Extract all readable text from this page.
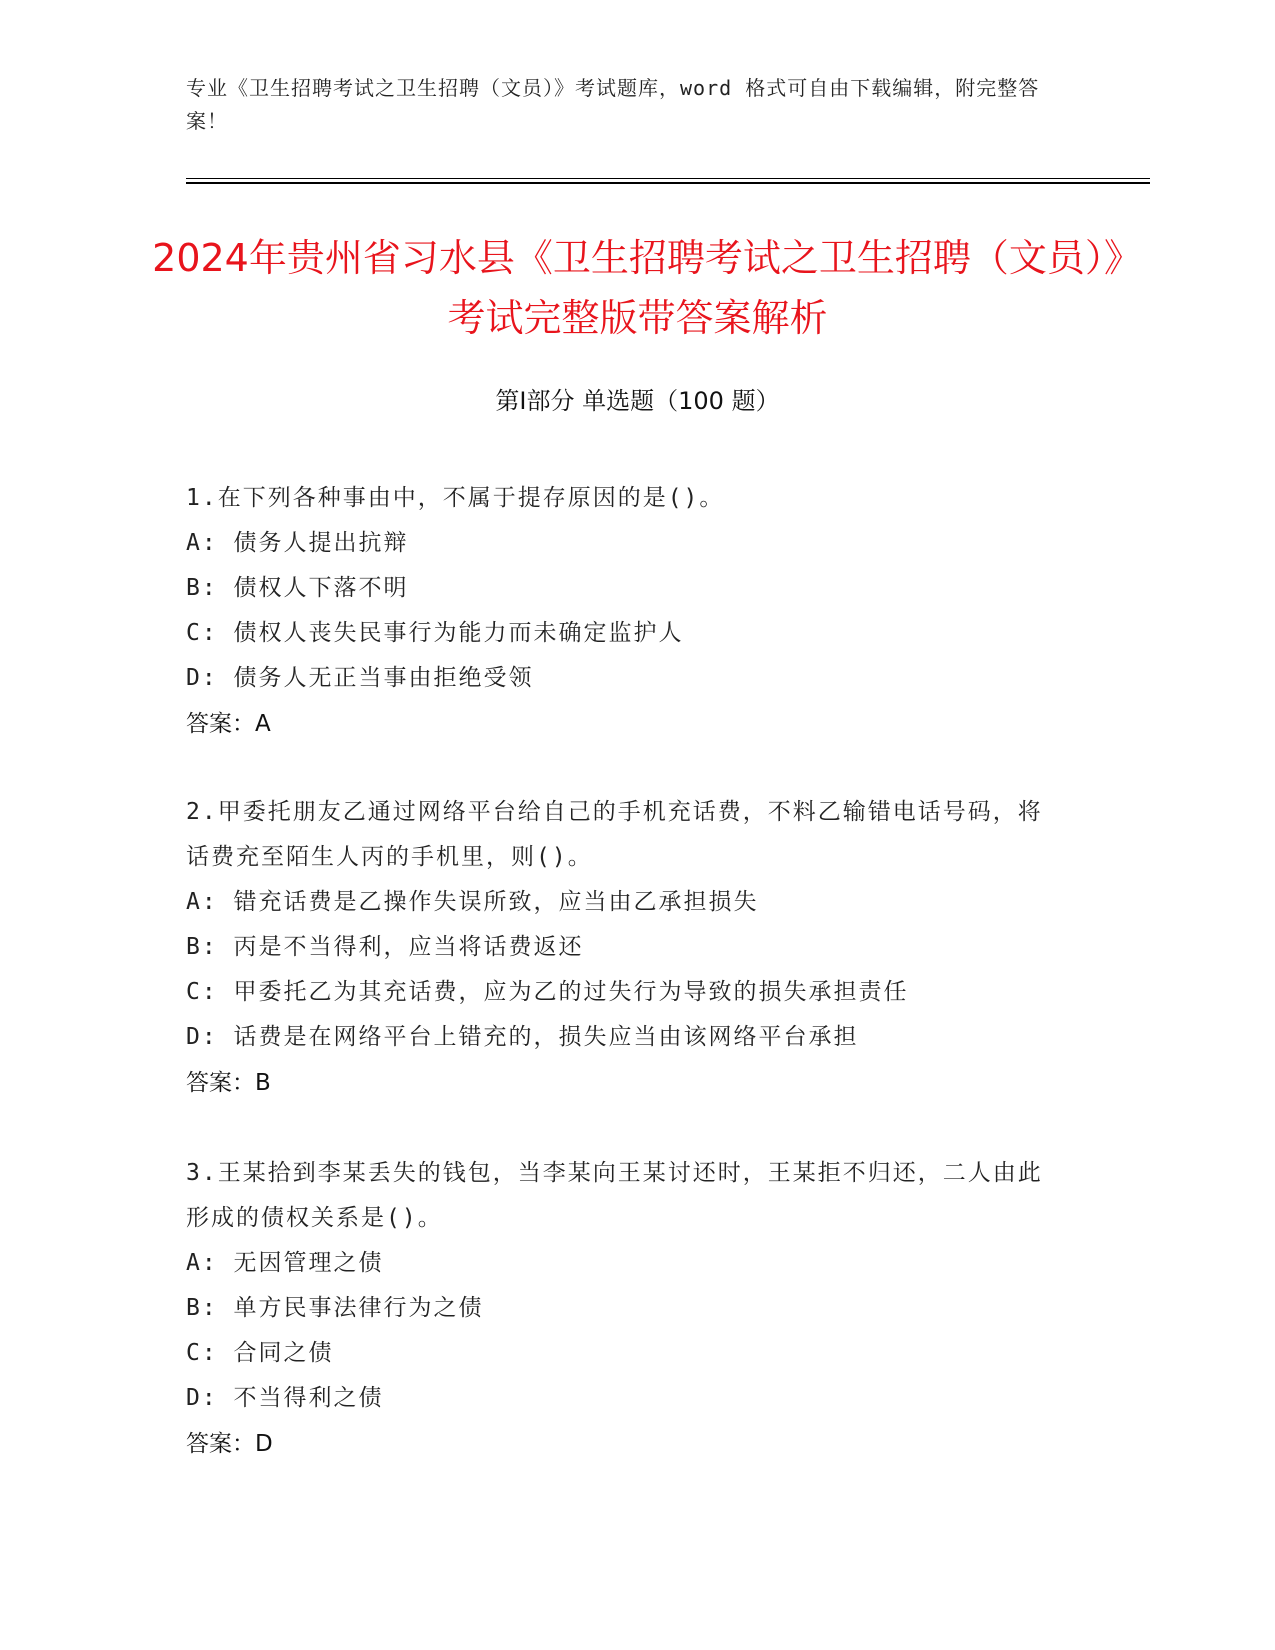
专业《卫生招聘考试之卫生招聘（文员）》考试题库，word 格式可自由下载编辑，附完整答案！
2024年贵州省习水县《卫生招聘考试之卫生招聘（文员）》考试完整版带答案解析
第Ⅰ部分 单选题（100 题）

1.在下列各种事由中，不属于提存原因的是()。

A: 债务人提出抗辩

B: 债权人下落不明

C: 债权人丧失民事行为能力而未确定监护人

D: 债务人无正当事由拒绝受领

答案：A

2.甲委托朋友乙通过网络平台给自己的手机充话费，不料乙输错电话号码，将话费充至陌生人丙的手机里，则()。

A: 错充话费是乙操作失误所致，应当由乙承担损失

B: 丙是不当得利，应当将话费返还

C: 甲委托乙为其充话费，应为乙的过失行为导致的损失承担责任

D: 话费是在网络平台上错充的，损失应当由该网络平台承担

答案：B

3.王某拾到李某丢失的钱包，当李某向王某讨还时，王某拒不归还，二人由此形成的债权关系是()。

A: 无因管理之债

B: 单方民事法律行为之债

C: 合同之债

D: 不当得利之债

答案：D
